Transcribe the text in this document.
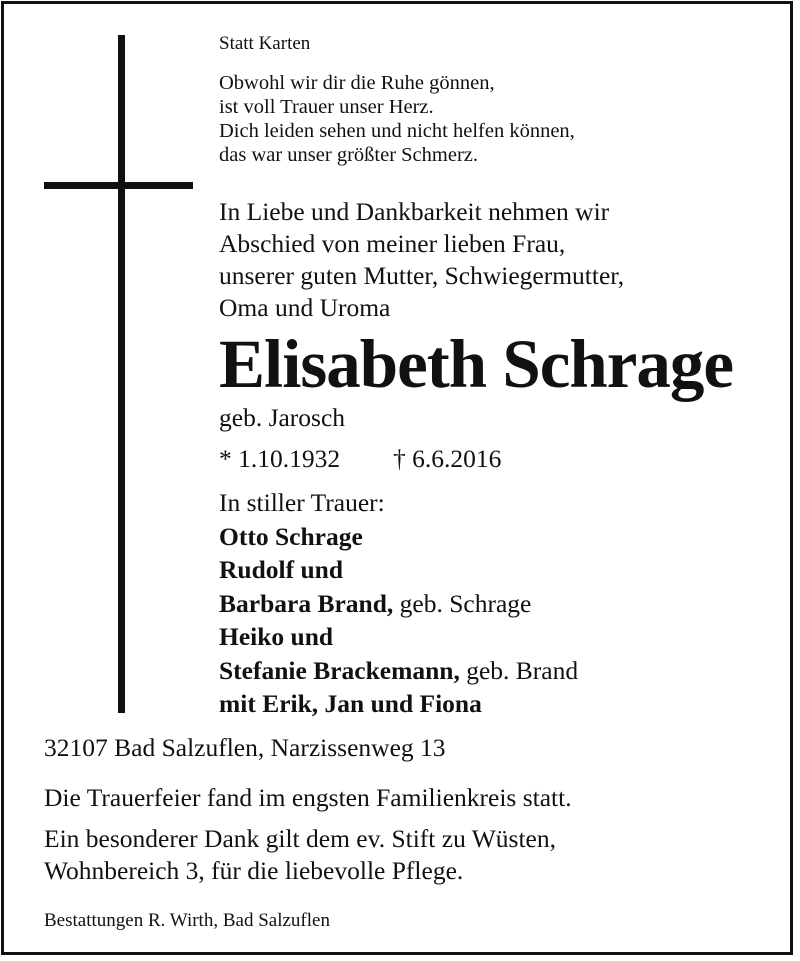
Statt Karten

Obwohl wir dir die Ruhe gönnen,
ist voll Trauer unser Herz.
Dich leiden sehen und nicht helfen können,
das war unser größter Schmerz.
In Liebe und Dankbarkeit nehmen wir
Abschied von meiner lieben Frau,
unserer guten Mutter, Schwiegermutter,
Oma und Uroma

Elisabeth Schrage

geb. Jarosch

* 1.10.1932 † 6.6.2016

In stiller Trauer:
Otto Schrage
Rudolf und
Barbara Brand, geb. Schrage
Heiko und
Stefanie Brackemann, geb. Brand
mit Erik, Jan und Fiona

32107 Bad Salzuflen, Narzissenweg 13

Die Trauerfeier fand im engsten Familienkreis statt.

Ein besonderer Dank gilt dem ev. Stift zu Wüsten,
Wohnbereich 3, für die liebevolle Pflege.

Bestattungen R. Wirth, Bad Salzuflen
